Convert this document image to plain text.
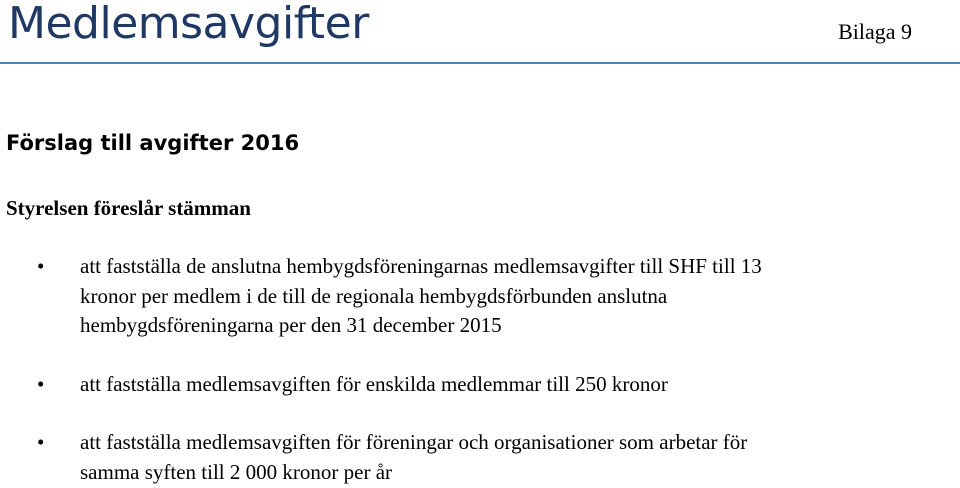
Medlemsavgifter	Bilaga 9
Förslag till avgifter 2016
Styrelsen föreslår stämman
•	att fastställa de anslutna hembygdsföreningarnas medlemsavgifter till SHF till 13
kronor per medlem i de till de regionala hembygdsförbunden anslutna
hembygdsföreningarna per den 31 december 2015
•	att fastställa medlemsavgiften för enskilda medlemmar till 250 kronor
•	att fastställa medlemsavgiften för föreningar och organisationer som arbetar för
samma syften till 2 000 kronor per år
